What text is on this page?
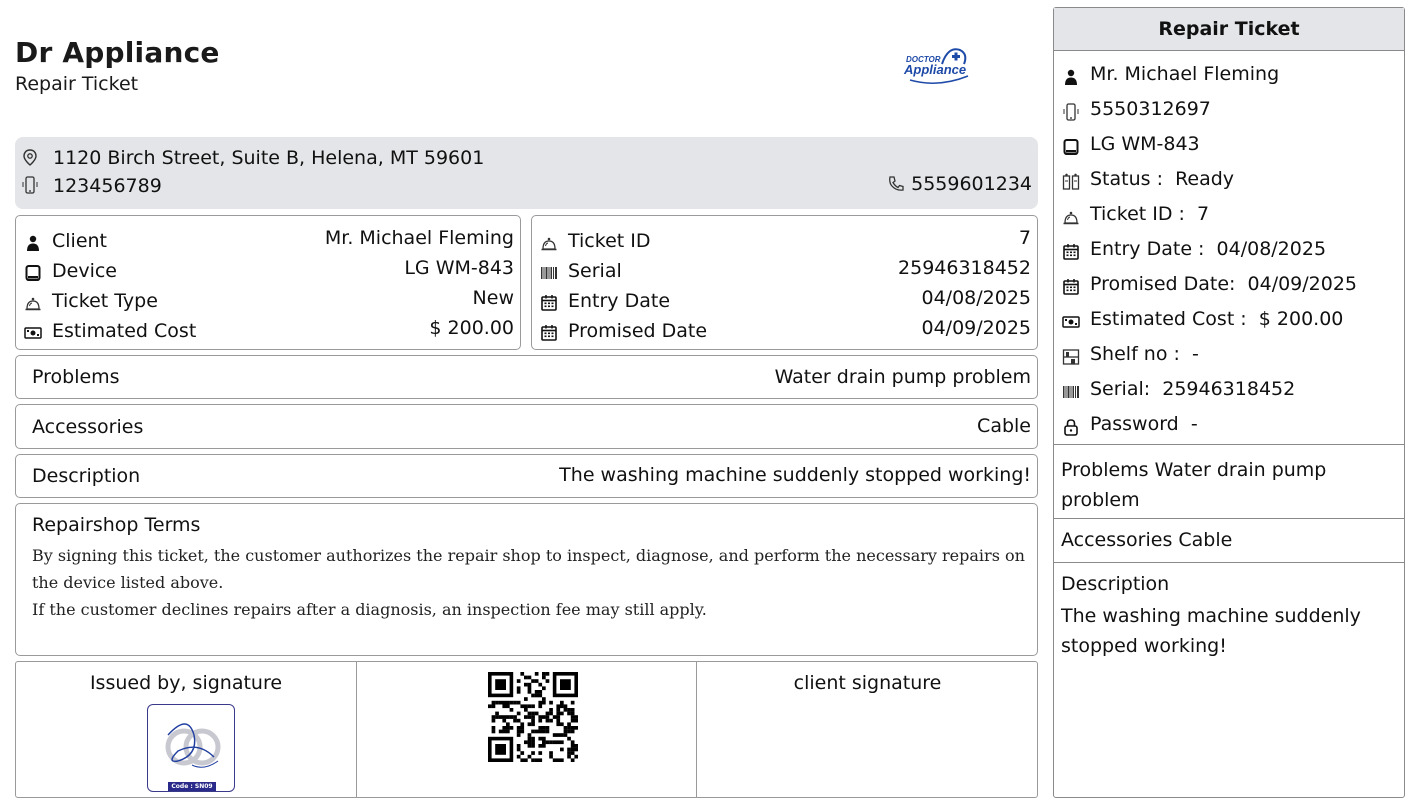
Dr Appliance
Repair Ticket
DOCTOR
Appliance
1120 Birch Street, Suite B, Helena, MT 59601
123456789	5559601234
Client	Mr. Michael Fleming
Device	LG WM-843
Ticket Type	New
Estimated Cost	$ 200.00
Ticket ID	7
Serial	25946318452
Entry Date	04/08/2025
Promised Date	04/09/2025
Problems	Water drain pump problem
Accessories	Cable
Description	The washing machine suddenly stopped working!
Repairshop Terms
By signing this ticket, the customer authorizes the repair shop to inspect, diagnose, and perform the necessary repairs on the device listed above.
If the customer declines repairs after a diagnosis, an inspection fee may still apply.
Issued by, signature
Code : SN09
client signature
Repair Ticket
Problems Water drain pump problem
Accessories Cable
Description
The washing machine suddenly stopped working!
Mr. Michael Fleming
5550312697
LG WM-843
Status :  Ready
Ticket ID :  7
Entry Date :  04/08/2025
Promised Date:  04/09/2025
Estimated Cost :  $ 200.00
Shelf no :  -
Serial:  25946318452
Password  -
